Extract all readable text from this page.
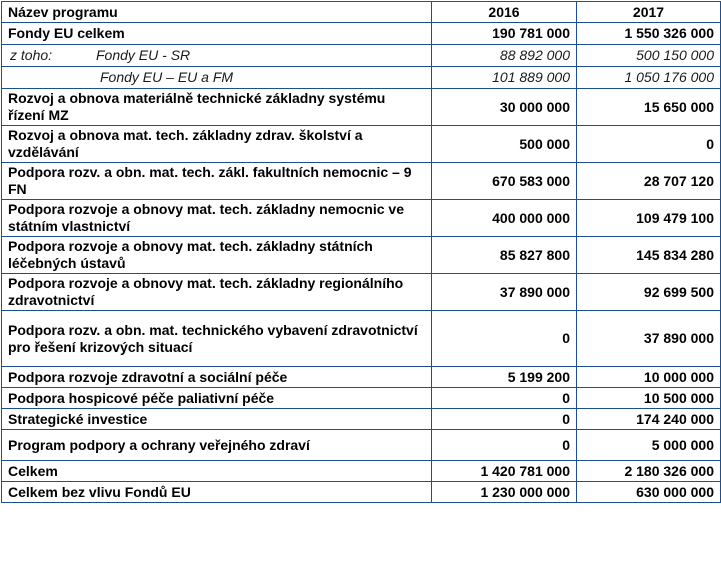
Název programu	2016	2017
Fondy EU celkem	190 781 000	1 550 326 000
z toho: Fondy EU - SR	88 892 000	500 150 000
Fondy EU – EU a FM	101 889 000	1 050 176 000
Rozvoj a obnova materiálně technické základny systému řízení MZ	30 000 000	15 650 000
Rozvoj a obnova mat. tech. základny zdrav. školství a vzdělávání	500 000	0
Podpora rozv. a obn. mat. tech. zákl. fakultních nemocnic – 9 FN	670 583 000	28 707 120
Podpora rozvoje a obnovy mat. tech. základny nemocnic ve státním vlastnictví	400 000 000	109 479 100
Podpora rozvoje a obnovy mat. tech. základny státních léčebných ústavů	85 827 800	145 834 280
Podpora rozvoje a obnovy mat. tech. základny regionálního zdravotnictví	37 890 000	92 699 500
Podpora rozv. a obn. mat. technického vybavení zdravotnictví pro řešení krizových situací	0	37 890 000
Podpora rozvoje zdravotní a sociální péče	5 199 200	10 000 000
Podpora hospicové péče paliativní péče	0	10 500 000
Strategické investice	0	174 240 000
Program podpory a ochrany veřejného zdraví	0	5 000 000
Celkem	1 420 781 000	2 180 326 000
Celkem bez vlivu Fondů EU	1 230 000 000	630 000 000
